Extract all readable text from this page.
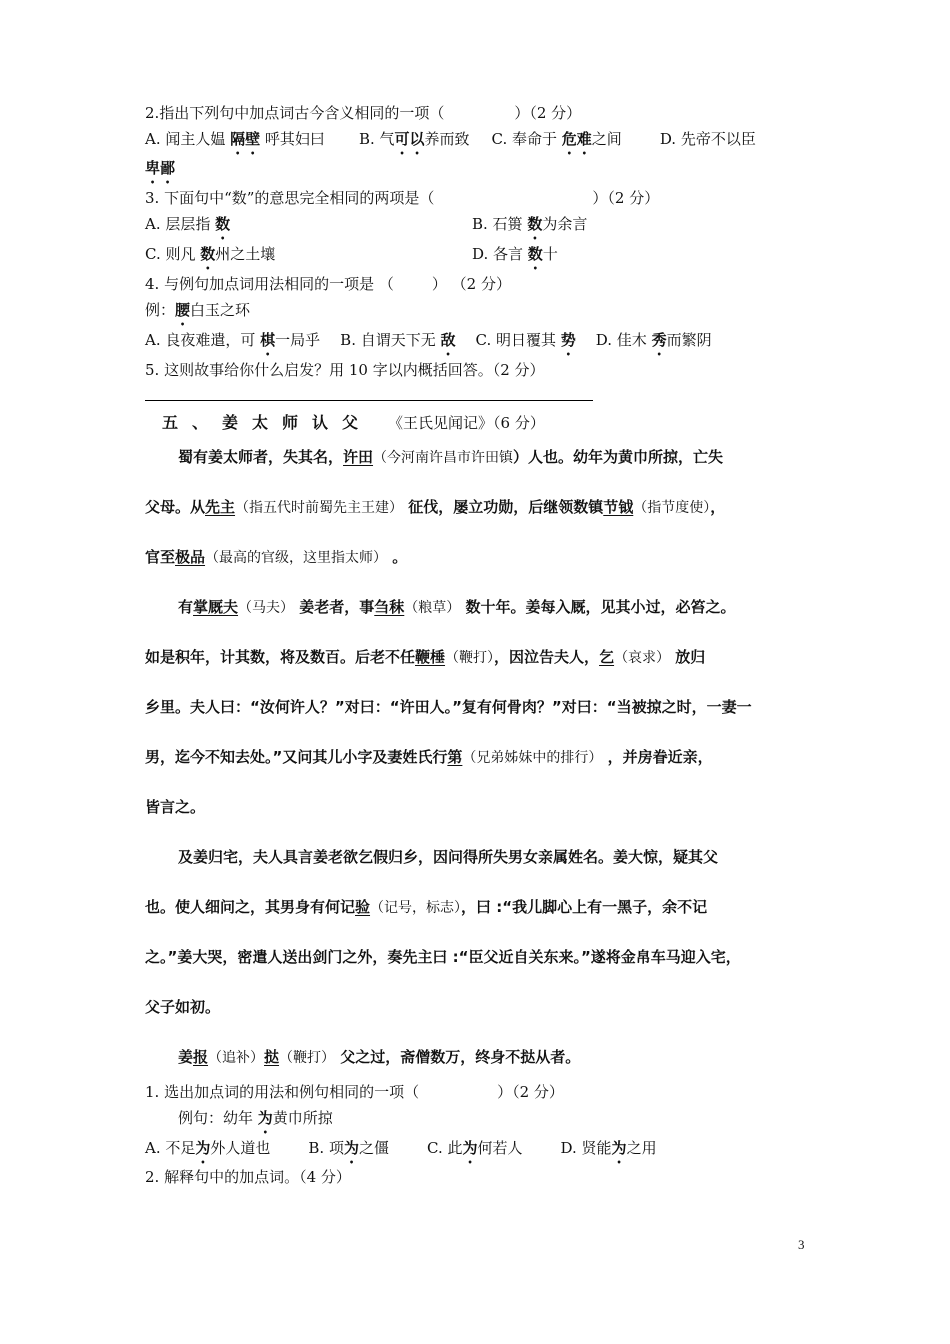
2.指出下列句中加点词古今含义相同的一项（	）（2 分）
A. 闻主人媪 隔壁 呼其妇曰 B. 气可以养而致 C. 奉命于 危难之间	D. 先帝不以臣
卑鄙
3. 下面句中“数”的意思完全相同的两项是（	）（2 分）
A. 层层指 数	B. 石篑 数为余言
C. 则凡 数州之土壤	D. 各言 数十
4. 与例句加点词用法相同的一项是 （	） （2 分）
例：腰白玉之环
A. 良夜难遣，可 棋一局乎 B. 自谓天下无 敌 C. 明日覆其 势 D. 佳木 秀而繁阴
5. 这则故事给你什么启发？用 10 字以内概括回答。（2 分）
五、姜太师认父 《王氏见闻记》（6 分）
蜀有姜太师者，失其名，许田（今河南许昌市许田镇）人也。幼年为黄巾所掠，亡失
父母。从先主（指五代时前蜀先主王建） 征伐，屡立功勋，后继领数镇节钺（指节度使），
官至极品（最高的官级，这里指太师） 。
有掌厩夫（马夫） 姜老者，事刍秣（粮草） 数十年。姜每入厩，见其小过，必笞之。
如是积年，计其数，将及数百。后老不任鞭棰（鞭打），因泣告夫人，乞（哀求） 放归
乡里。夫人曰：“汝何许人？”对曰：“许田人。”复有何骨肉？”对曰：“当被掠之时，一妻一
男，迄今不知去处。”又问其儿小字及妻姓氏行第（兄弟姊妹中的排行） ，并房眷近亲，
皆言之。
及姜归宅，夫人具言姜老欲乞假归乡，因问得所失男女亲属姓名。姜大惊，疑其父
也。使人细问之，其男身有何记验（记号，标志），曰 :“我儿脚心上有一黑子，余不记
之。”姜大哭，密遣人送出剑门之外，奏先主曰 :“臣父近自关东来。”遂将金帛车马迎入宅，
父子如初。
姜报（追补）挞（鞭打） 父之过，斋僧数万，终身不挞从者。
1. 选出加点词的用法和例句相同的一项（	）（2 分）
例句：幼年 为黄巾所掠
A. 不足为外人道也	B. 项为之僵	C. 此为何若人	D. 贤能为之用
2. 解释句中的加点词。（4 分）
3
